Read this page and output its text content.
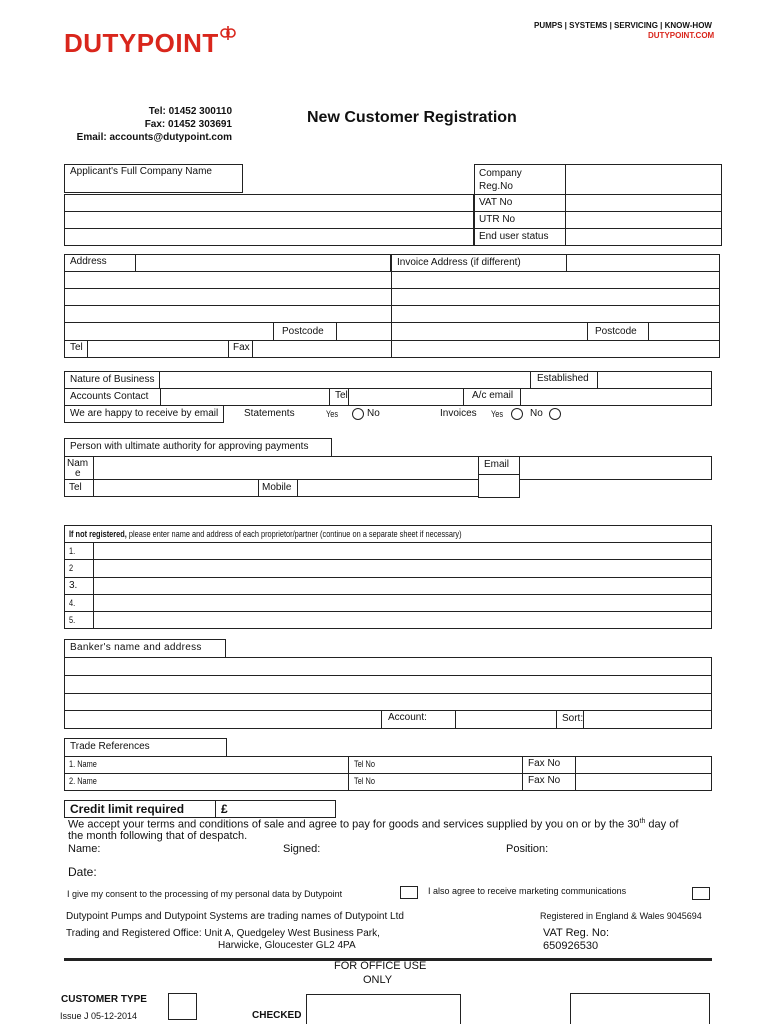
PUMPS | SYSTEMS | SERVICING | KNOW-HOW
DUTYPOINT.COM
DUTYPOINT
Tel: 01452 300110
Fax: 01452 303691
Email: accounts@dutypoint.com
New Customer Registration
Applicant's Full Company Name	Company
Reg.No
VAT No
UTR No
End user status
Address	Invoice Address (if different)
Postcode	Postcode
Tel	Fax
Nature of Business	Established
Accounts Contact	Tel	A/c email
We are happy to receive by email	Statements	Yes	No	Invoices Yes	No
Person with ultimate authority for approving payments
Nam
e
Email
Tel	Mobile
If not registered, please enter name and address of each proprietor/partner (continue on a separate sheet if necessary)
1.
2
3.
4.
5.
Banker's name and address
Account:	Sort:
Trade References
1. Name	Tel No	Fax No
2. Name	Tel No	Fax No
Credit limit required	£
We accept your terms and conditions of sale and agree to pay for goods and services supplied by you on or by the 30th day of
the month following that of despatch.
Name:	Signed:	Position:
Date:
I give my consent to the processing of my personal data by Dutypoint	I also agree to receive marketing communications
Dutypoint Pumps and Dutypoint Systems are trading names of Dutypoint Ltd
Trading and Registered Office: Unit A, Quedgeley West Business Park,
Harwicke, Gloucester GL2 4PA
Registered in England & Wales 9045694
VAT Reg. No:
650926530
FOR OFFICE USE
ONLY
CUSTOMER TYPE
Issue J 05-12-2014	CHECKED
